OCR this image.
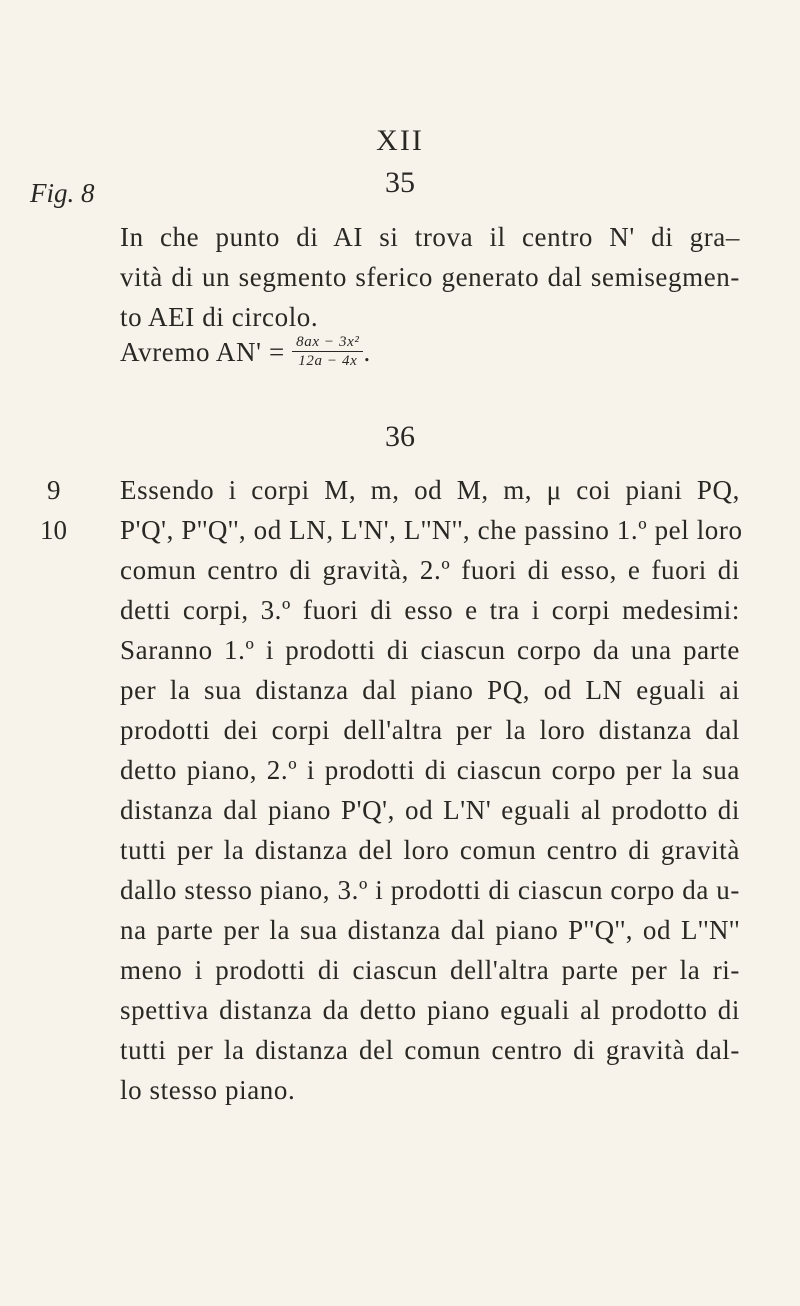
XII
35
Fig. 8
In che punto di AI si trova il centro N' di gra–
vità di un segmento sferico generato dal semisegmen-
to AEI di circolo.
Avremo $AN' = \frac{\text{8ax − 3x²}}{12a - 4x}$ .
36
9
10
Essendo i corpi M, m, od M, m, μ coi piani PQ,
P'Q', P''Q'', od LN, L'N', L''N'', che passino 1.º pel loro
comun centro di gravità, 2.º fuori di esso, e fuori di
detti corpi, 3.º fuori di esso e tra i corpi medesimi:
Saranno 1.º i prodotti di ciascun corpo da una parte
per la sua distanza dal piano PQ, od LN eguali ai
prodotti dei corpi dell'altra per la loro distanza dal
detto piano, 2.º i prodotti di ciascun corpo per la sua
distanza dal piano P'Q', od L'N' eguali al prodotto di
tutti per la distanza del loro comun centro di gravità
dallo stesso piano, 3.º i prodotti di ciascun corpo da u-
na parte per la sua distanza dal piano P''Q'', od L''N''
meno i prodotti di ciascun dell'altra parte per la ri-
spettiva distanza da detto piano eguali al prodotto di
tutti per la distanza del comun centro di gravità dal-
lo stesso piano.
